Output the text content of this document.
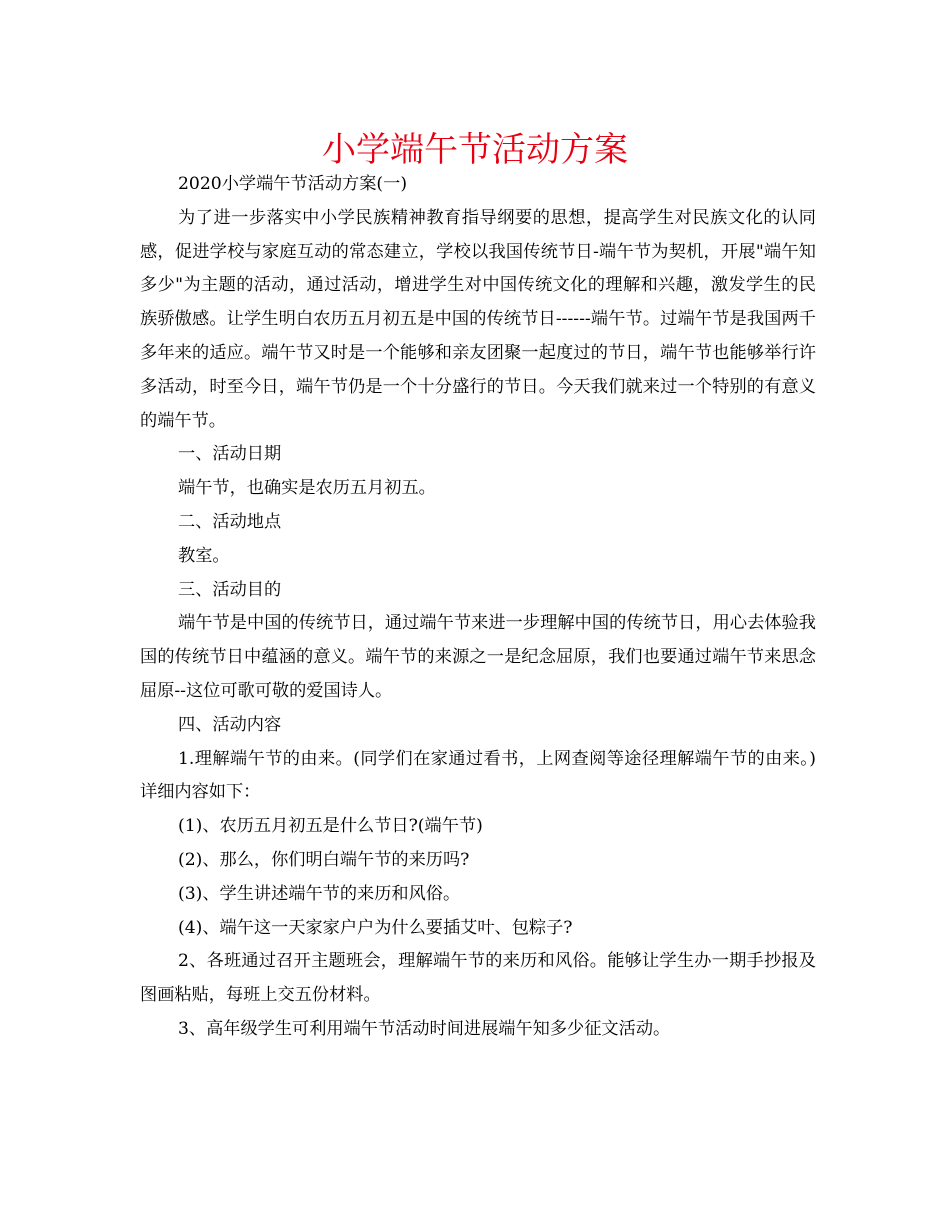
小学端午节活动方案

2020小学端午节活动方案(一)

为了进一步落实中小学民族精神教育指导纲要的思想，提高学生对民族文化的认同感，促进学校与家庭互动的常态建立，学校以我国传统节日-端午节为契机，开展"端午知多少"为主题的活动，通过活动，增进学生对中国传统文化的理解和兴趣，激发学生的民族骄傲感。让学生明白农历五月初五是中国的传统节日------端午节。过端午节是我国两千多年来的适应。端午节又时是一个能够和亲友团聚一起度过的节日，端午节也能够举行许多活动，时至今日，端午节仍是一个十分盛行的节日。今天我们就来过一个特别的有意义的端午节。

一、活动日期

端午节，也确实是农历五月初五。

二、活动地点

教室。

三、活动目的

端午节是中国的传统节日，通过端午节来进一步理解中国的传统节日，用心去体验我国的传统节日中蕴涵的意义。端午节的来源之一是纪念屈原，我们也要通过端午节来思念屈原--这位可歌可敬的爱国诗人。

四、活动内容

1.理解端午节的由来。(同学们在家通过看书，上网查阅等途径理解端午节的由来。)详细内容如下：

(1)、农历五月初五是什么节日?(端午节)

(2)、那么，你们明白端午节的来历吗?

(3)、学生讲述端午节的来历和风俗。

(4)、端午这一天家家户户为什么要插艾叶、包粽子?

2、各班通过召开主题班会，理解端午节的来历和风俗。能够让学生办一期手抄报及图画粘贴，每班上交五份材料。

3、高年级学生可利用端午节活动时间进展端午知多少征文活动。
